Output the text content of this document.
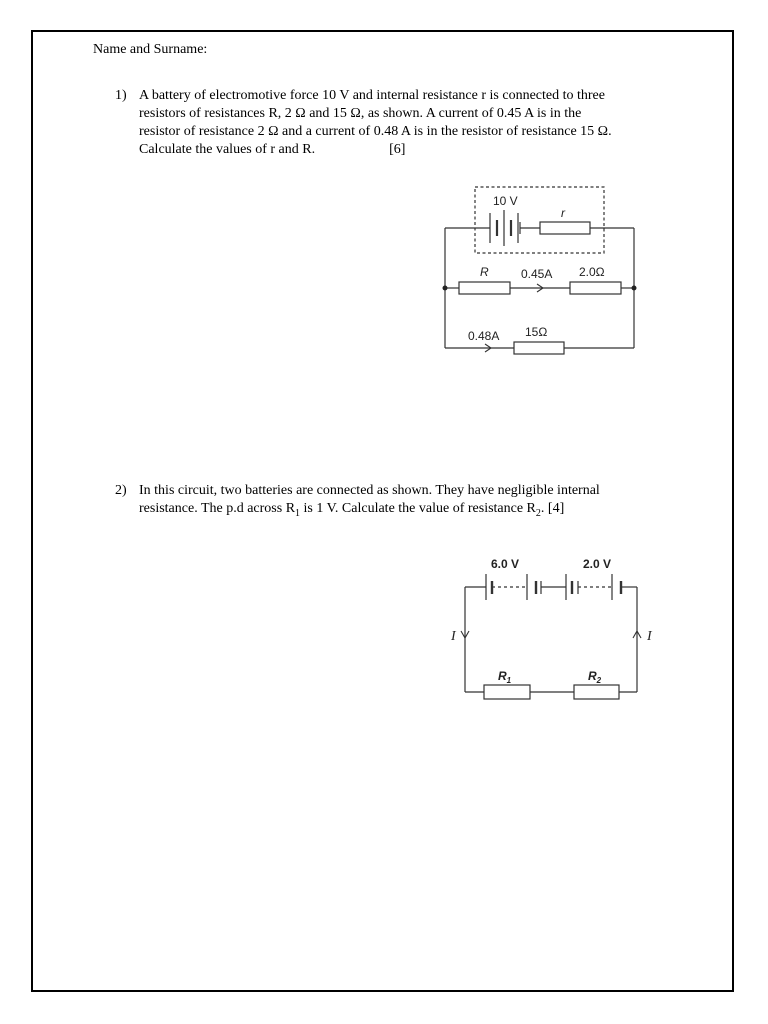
Name and Surname:
1) A battery of electromotive force 10 V and internal resistance r is connected to three
resistors of resistances R, 2 Ω and 15 Ω, as shown. A current of 0.45 A is in the
resistor of resistance 2 Ω and a current of 0.48 A is in the resistor of resistance 15 Ω.
Calculate the values of r and R.	[6]
10 V
r
R	0.45A 2.0Ω
0.48A 15Ω
2) In this circuit, two batteries are connected as shown. They have negligible internal
resistance. The p.d across $R_1$ is 1 V. Calculate the value of resistance $R_2$. [4]
6.0 V	2.0 V
I	I
$R_1$	$R_2$
